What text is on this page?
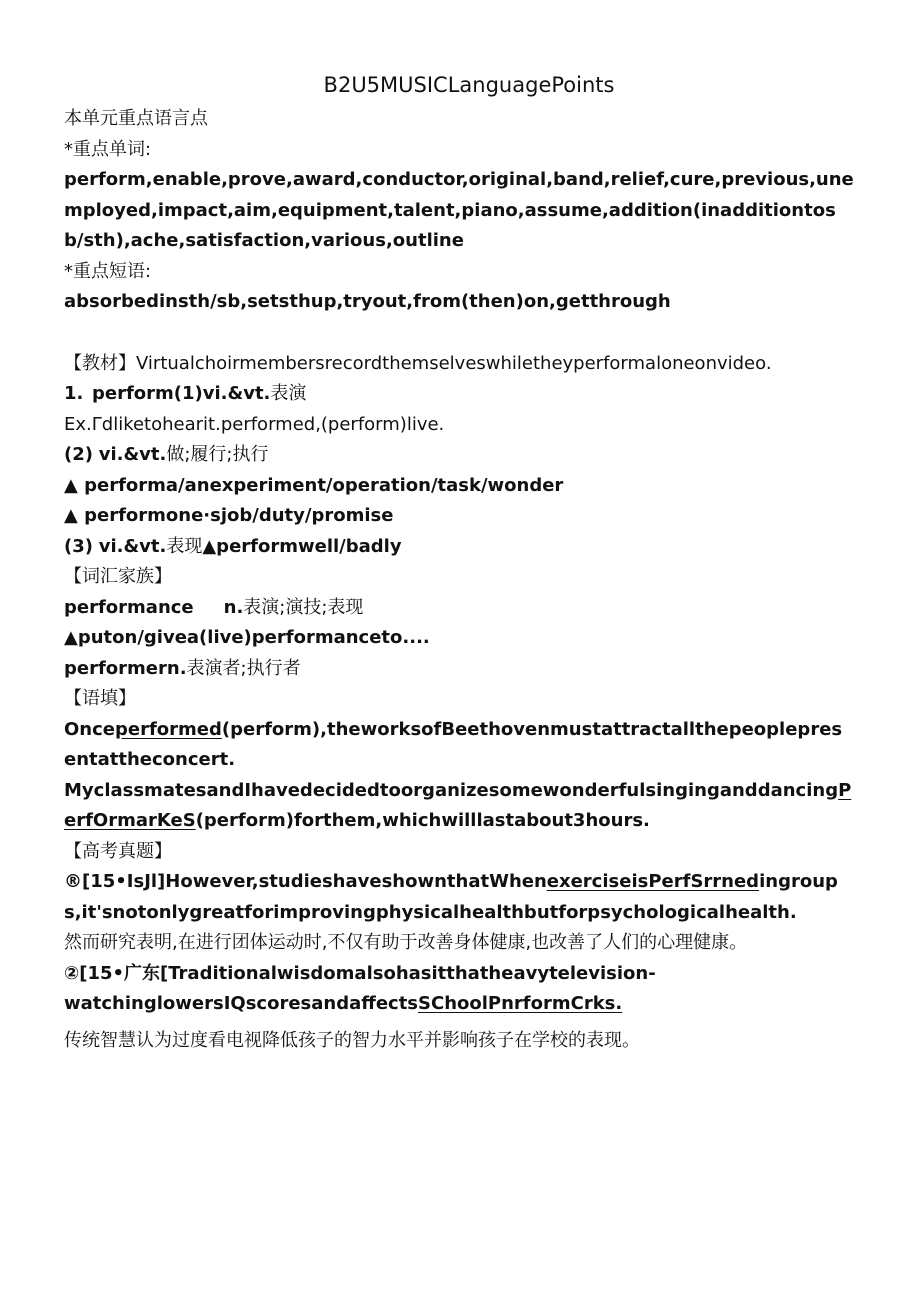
B2U5MUSICLanguagePoints
本单元重点语言点
*重点单词:
perform,enable,prove,award,conductor,original,band,relief,cure,previous,unemployed,impact,aim,equipment,talent,piano,assume,addition(inadditiontosb/sth),ache,satisfaction,various,outline
*重点短语:
absorbedinsth/sb,setsthup,tryout,from(then)on,getthrough
【教材】Virtualchoirmembersrecordthemselveswhiletheyperformaloneonvideo.
1. perform(1)vi.&vt.表演
Ex.Γdliketohearit.performed,(perform)live.
(2) vi.&vt.做;履行;执行
▲ performa/anexperiment/operation/task/wonder
▲ performone·sjob/duty/promise
(3) vi.&vt.表现▲performwell/badly
【词汇家族】
performance n.表演;演技;表现
▲puton/givea(live)performanceto....
performern.表演者;执行者
【语填】
Onceperformed(perform),theworksofBeethovenmustattractallthepeoplepresentattheconcert.
MyclassmatesandIhavedecidedtoorganizesomewonderfulsinginganddancingPerfOrmarKeS(perform)forthem,whichwilllastabout3hours.
【高考真题】
®[15•IsJl]However,studieshaveshownthatWhenexerciseisPerfSrrnedingroups,it'snotonlygreatforimprovingphysicalhealthbutforpsychologicalhealth.
然而研究表明,在进行团体运动时,不仅有助于改善身体健康,也改善了人们的心理健康。
②[15•广东[Traditionalwisdomalsohasitthatheavytelevision-
watchinglowersIQscoresandaffectsSChoolPnrformCrks.
传统智慧认为过度看电视降低孩子的智力水平并影响孩子在学校的表现。
